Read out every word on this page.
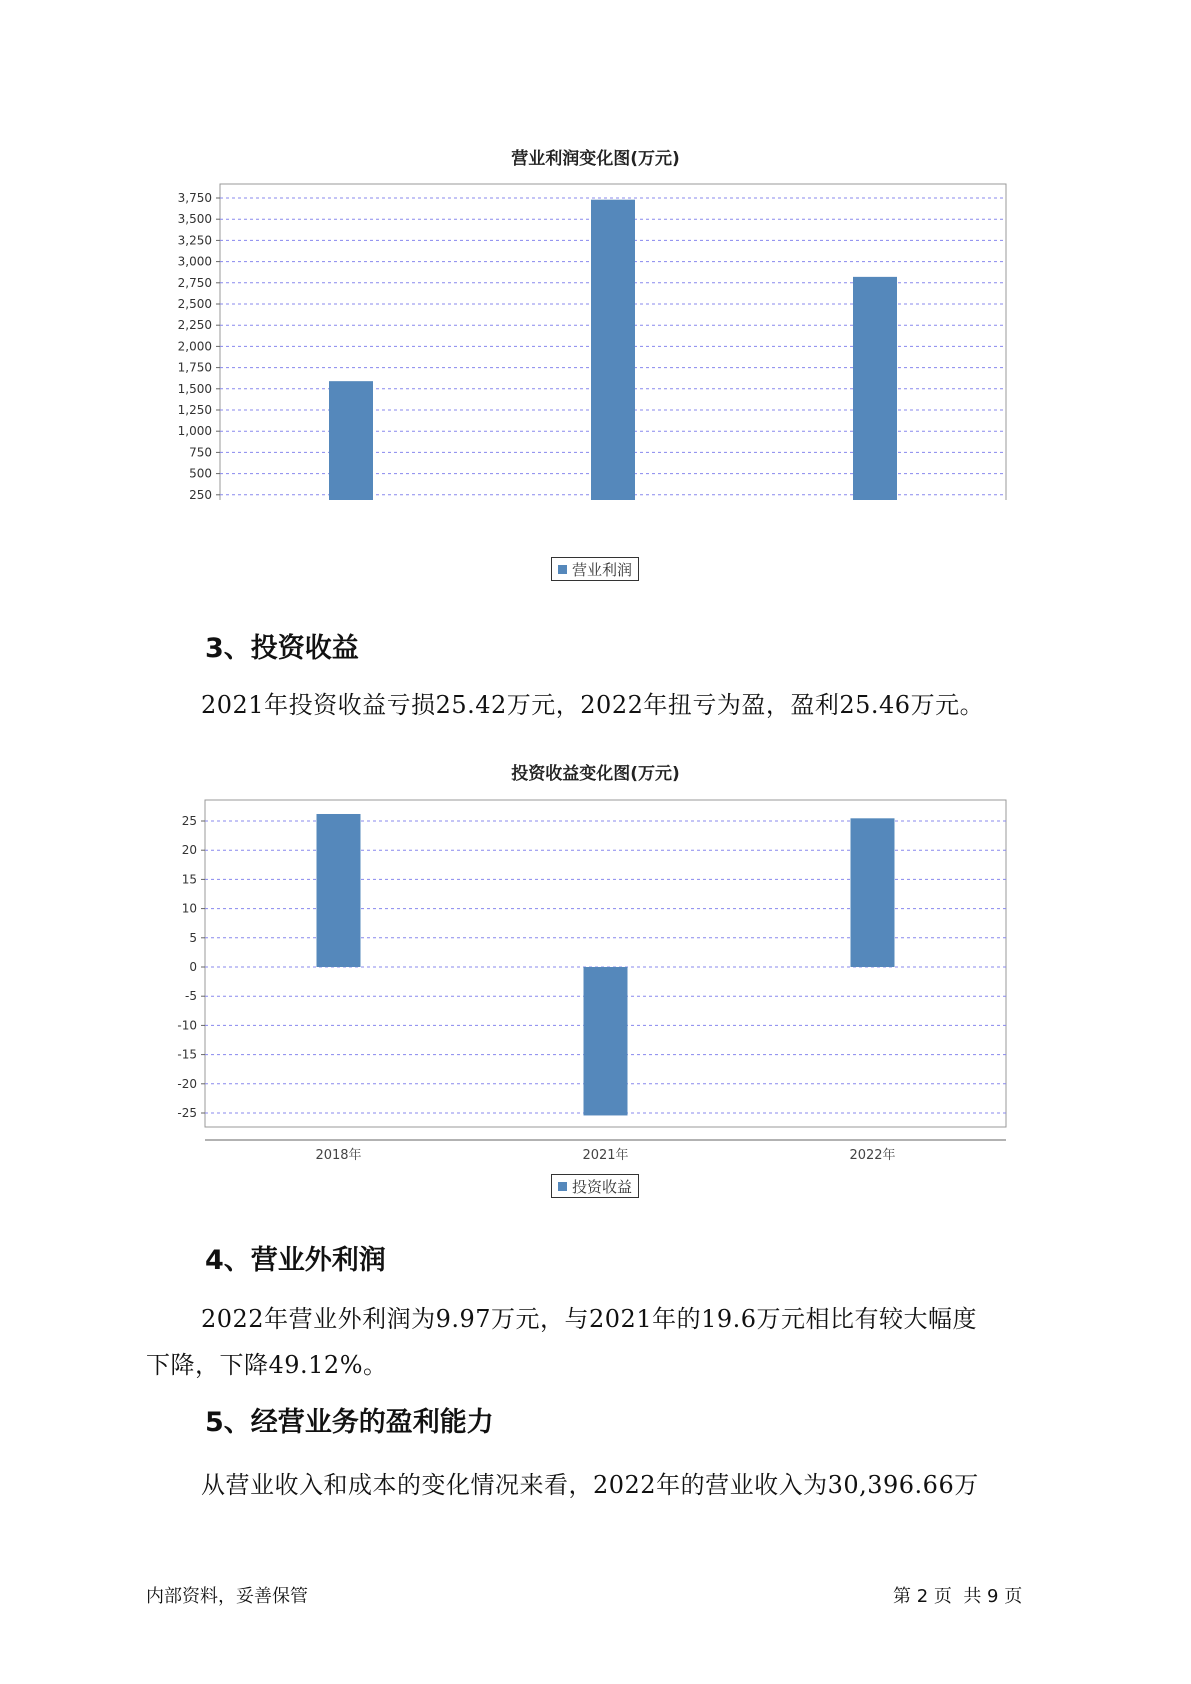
营业利润变化图(万元)
250
500
750
1,000
1,250
1,500
1,750
2,000
2,250
2,500
2,750
3,000
3,250
3,500
3,750
营业利润
3、投资收益
2021年投资收益亏损25.42万元，2022年扭亏为盈，盈利25.46万元。
投资收益变化图(万元)
-25
-20
-15
-10
-5
0
5
10
15
20
25
2018年	2021年	2022年
投资收益
4、营业外利润
2022年营业外利润为9.97万元，与2021年的19.6万元相比有较大幅度
下降，下降49.12%。
5、经营业务的盈利能力
从营业收入和成本的变化情况来看，2022年的营业收入为30,396.66万
内部资料，妥善保管	第 2 页  共 9 页
